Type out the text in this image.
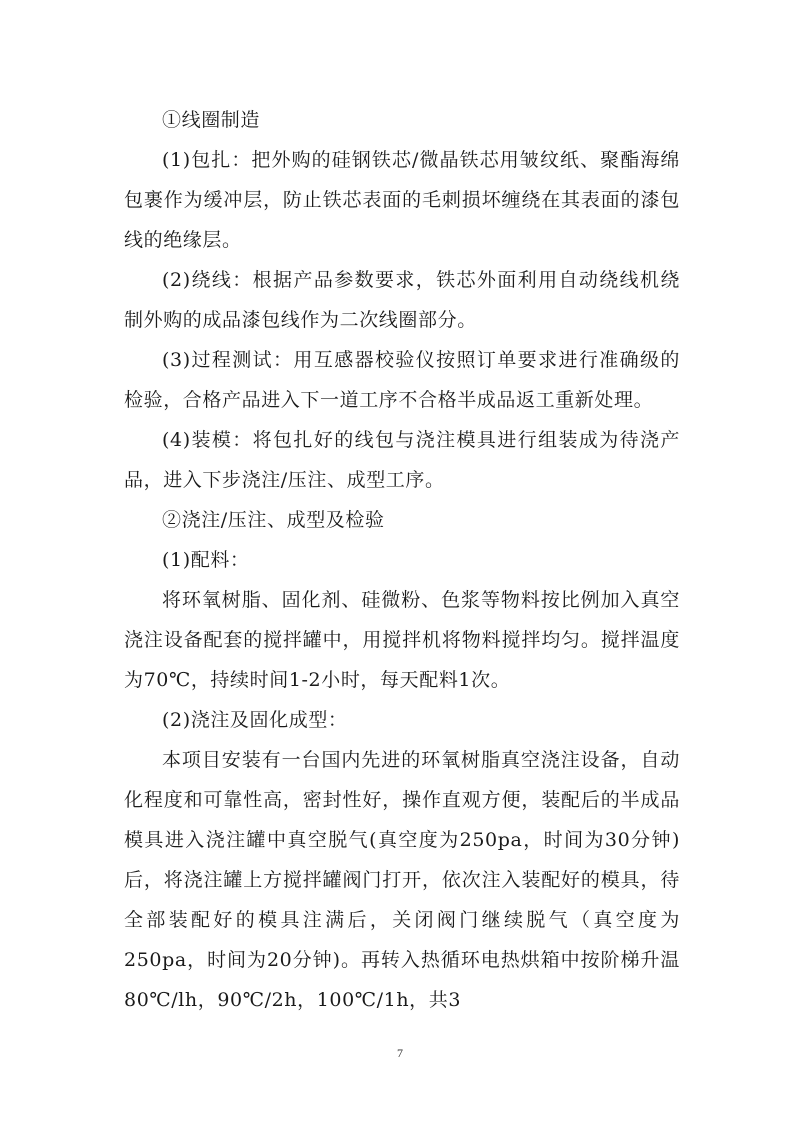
①线圈制造

(1)包扎：把外购的硅钢铁芯/微晶铁芯用皱纹纸、聚酯海绵包裹作为缓冲层，防止铁芯表面的毛刺损坏缠绕在其表面的漆包线的绝缘层。

(2)绕线：根据产品参数要求，铁芯外面利用自动绕线机绕制外购的成品漆包线作为二次线圈部分。

(3)过程测试：用互感器校验仪按照订单要求进行准确级的检验，合格产品进入下一道工序不合格半成品返工重新处理。

(4)装模：将包扎好的线包与浇注模具进行组装成为待浇产品，进入下步浇注/压注、成型工序。

②浇注/压注、成型及检验

(1)配料：

将环氧树脂、固化剂、硅微粉、色浆等物料按比例加入真空浇注设备配套的搅拌罐中，用搅拌机将物料搅拌均匀。搅拌温度为70℃，持续时间1-2小时，每天配料1次。

(2)浇注及固化成型：

本项目安装有一台国内先进的环氧树脂真空浇注设备，自动化程度和可靠性高，密封性好，操作直观方便，装配后的半成品模具进入浇注罐中真空脱气(真空度为250pa，时间为30分钟)后，将浇注罐上方搅拌罐阀门打开，依次注入装配好的模具，待全部装配好的模具注满后，关闭阀门继续脱气（真空度为250pa，时间为20分钟)。再转入热循环电热烘箱中按阶梯升温80℃/lh，90℃/2h，100℃/1h，共3

7
